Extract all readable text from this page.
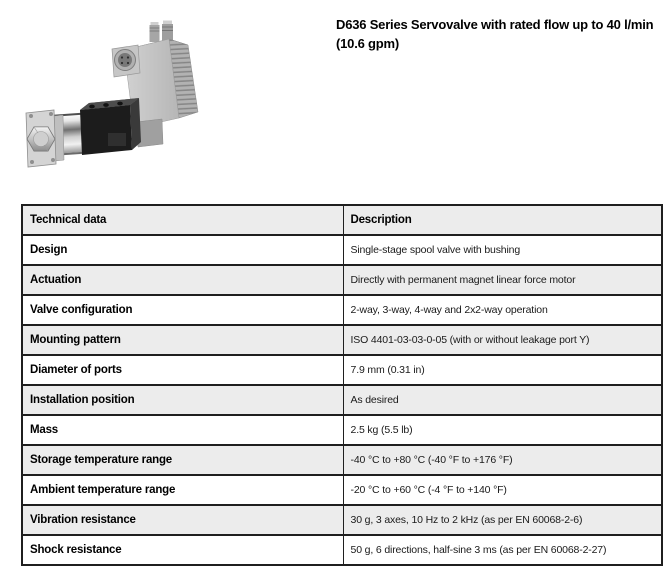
D636 Series Servovalve with rated flow up to 40 l/min
(10.6 gpm)
Technical data	Description
Design	Single-stage spool valve with bushing
Actuation	Directly with permanent magnet linear force motor
Valve configuration	2-way, 3-way, 4-way and 2x2-way operation
Mounting pattern	ISO 4401-03-03-0-05 (with or without leakage port Y)
Diameter of ports	7.9 mm (0.31 in)
Installation position	As desired
Mass	2.5 kg (5.5 lb)
Storage temperature range	-40 °C to +80 °C (-40 °F to +176 °F)
Ambient temperature range	-20 °C to +60 °C (-4 °F to +140 °F)
Vibration resistance	30 g, 3 axes, 10 Hz to 2 kHz (as per EN 60068-2-6)
Shock resistance	50 g, 6 directions, half-sine 3 ms (as per EN 60068-2-27)
